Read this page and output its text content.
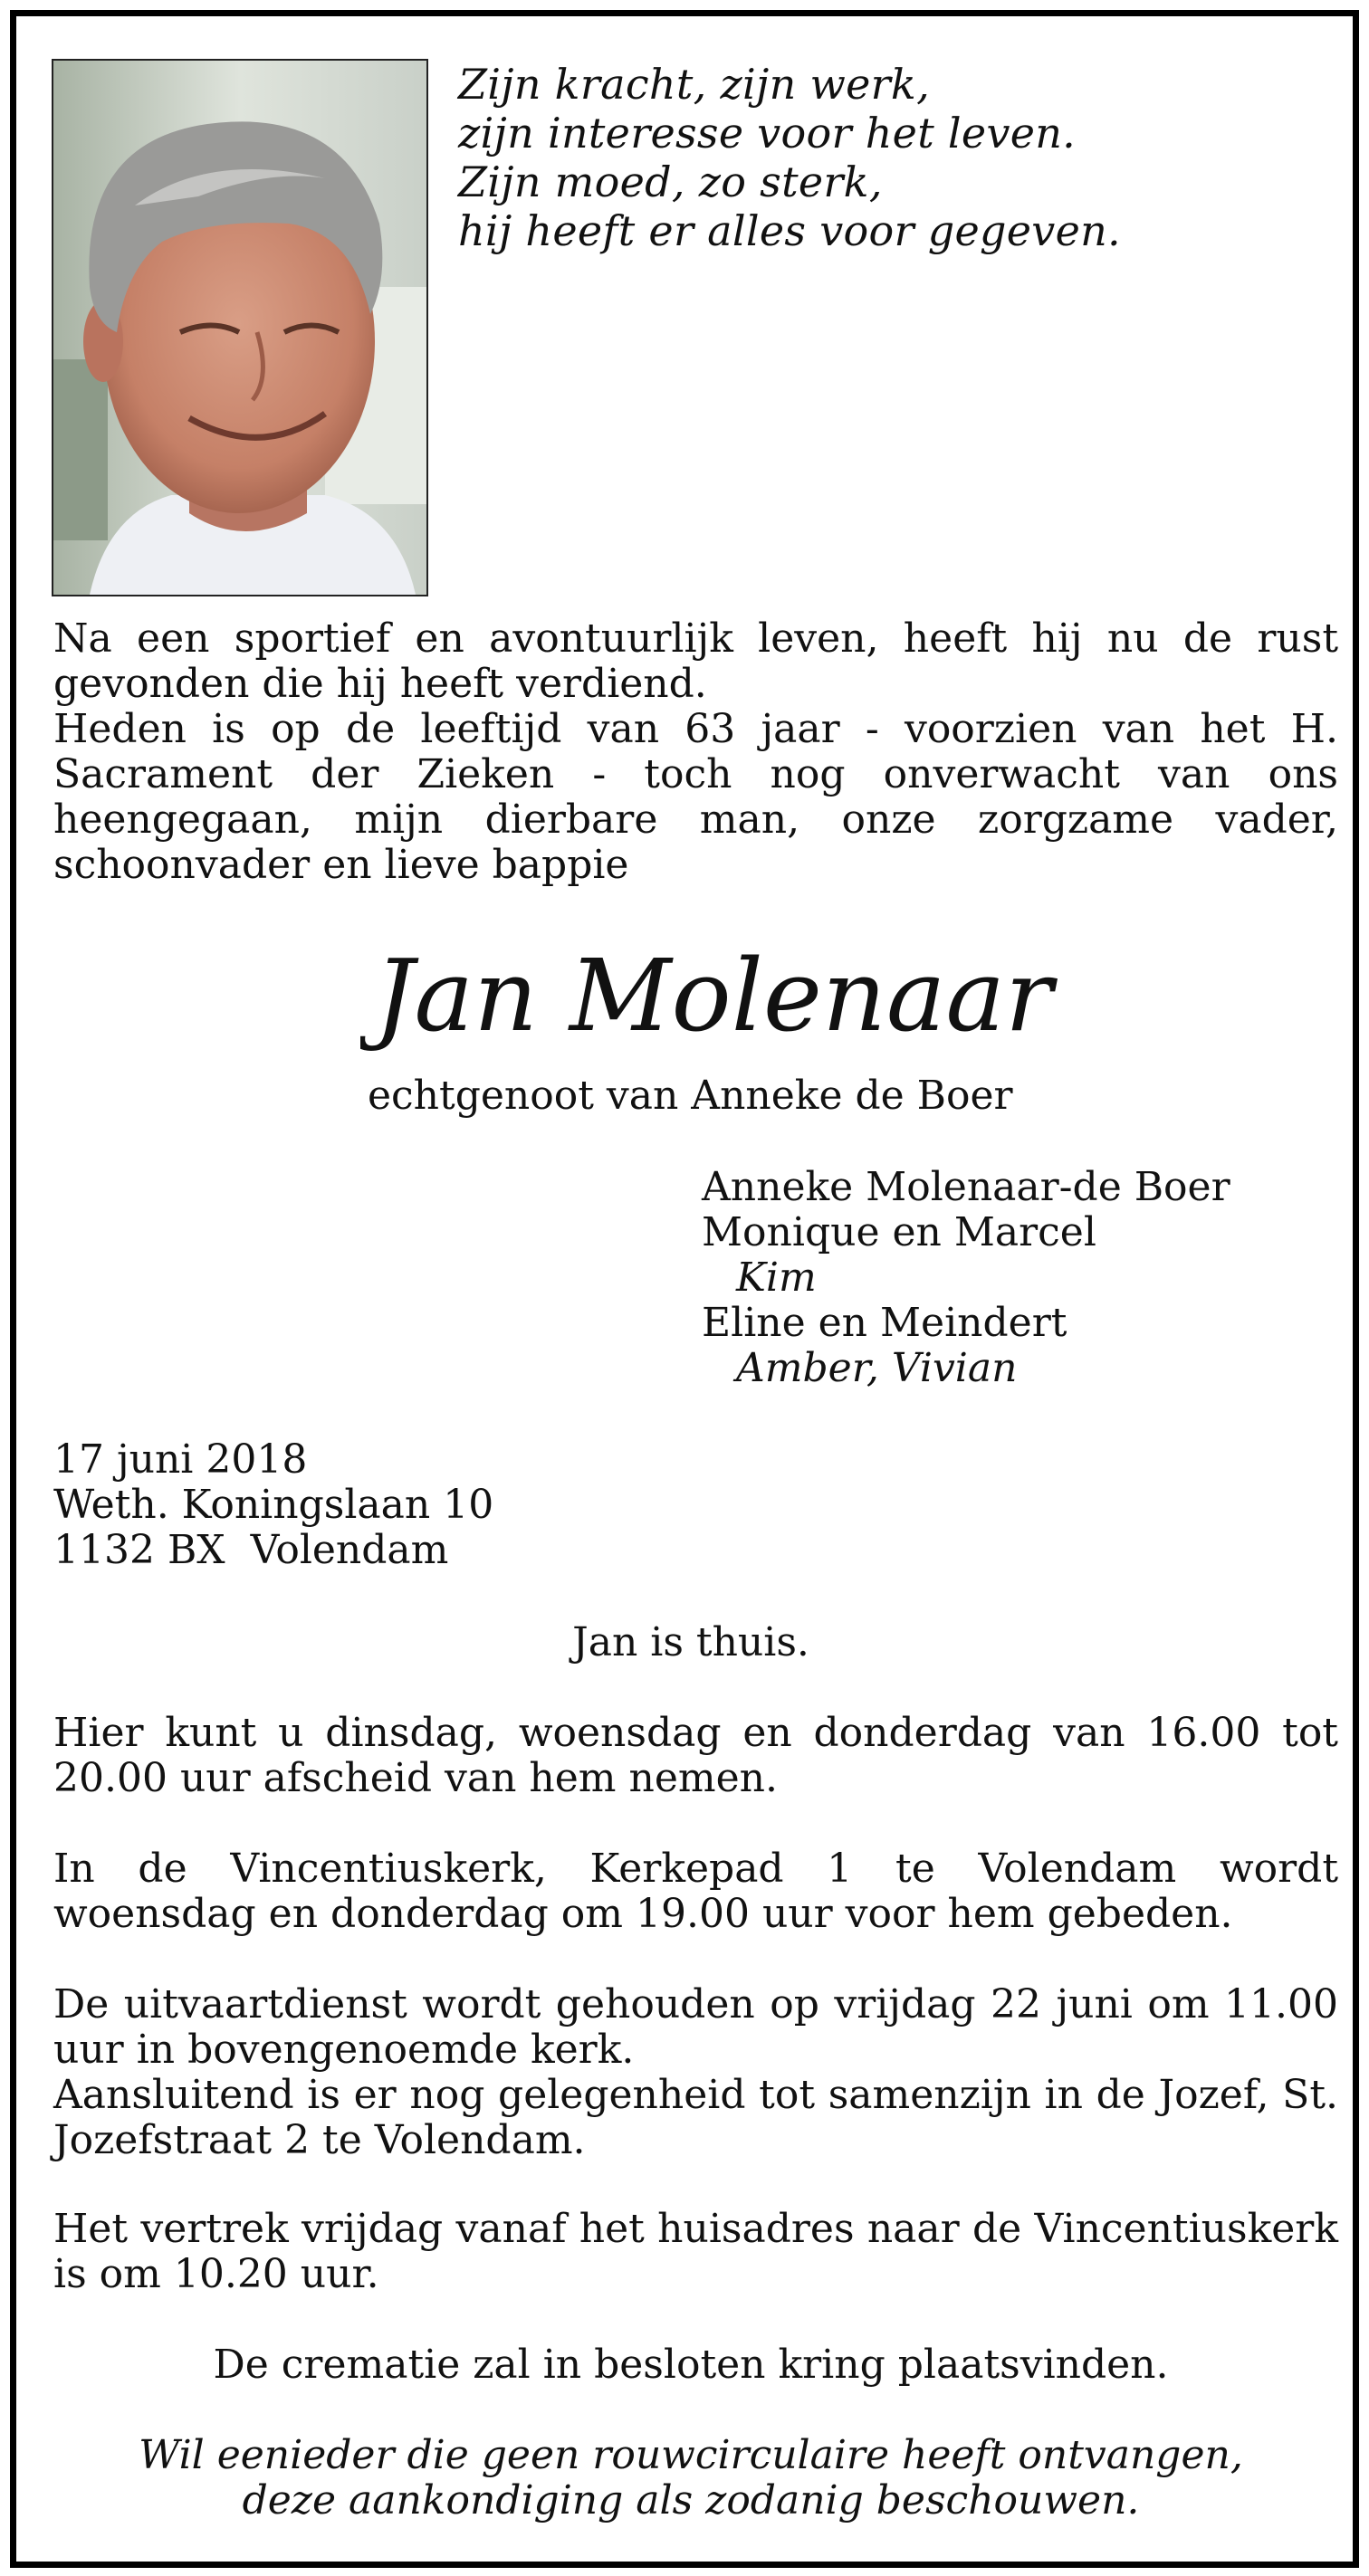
Zijn kracht, zijn werk,
zijn interesse voor het leven.
Zijn moed, zo sterk,
hij heeft er alles voor gegeven.

Na een sportief en avontuurlijk leven, heeft hij nu de rust gevonden die hij heeft verdiend.

Heden is op de leeftijd van 63 jaar - voorzien van het H. Sacrament der Zieken - toch nog onverwacht van ons heengegaan, mijn dierbare man, onze zorgzame vader, schoonvader en lieve bappie

Jan Molenaar
echtgenoot van Anneke de Boer
Anneke Molenaar-de Boer
Monique en Marcel
Kim
Eline en Meindert
Amber, Vivian
17 juni 2018
Weth. Koningslaan 10
1132 BX  Volendam
Jan is thuis.

Hier kunt u dinsdag, woensdag en donderdag van 16.00 tot 20.00 uur afscheid van hem nemen.

In de Vincentiuskerk, Kerkepad 1 te Volendam wordt woensdag en donderdag om 19.00 uur voor hem gebeden.

De uitvaartdienst wordt gehouden op vrijdag 22 juni om 11.00 uur in bovengenoemde kerk.

Aansluitend is er nog gelegenheid tot samenzijn in de Jozef, St. Jozefstraat 2 te Volendam.

Het vertrek vrijdag vanaf het huisadres naar de Vincentiuskerk is om 10.20 uur.

De crematie zal in besloten kring plaatsvinden.
Wil eenieder die geen rouwcirculaire heeft ontvangen,
deze aankondiging als zodanig beschouwen.
